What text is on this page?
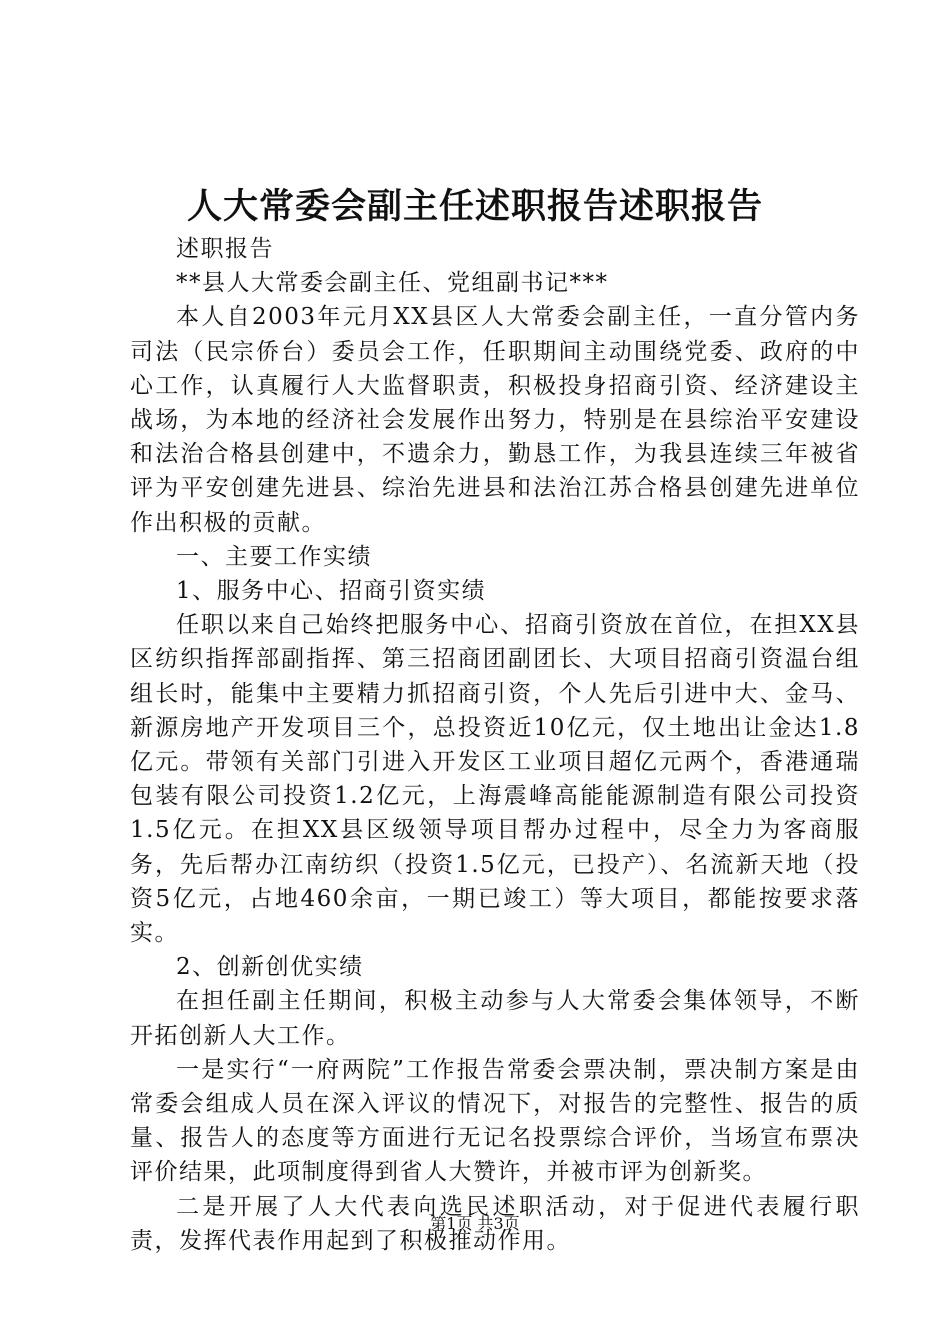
人大常委会副主任述职报告述职报告

述职报告

**县人大常委会副主任、党组副书记***

本人自2003年元月XX县区人大常委会副主任，一直分管内务司法（民宗侨台）委员会工作，任职期间主动围绕党委、政府的中心工作，认真履行人大监督职责，积极投身招商引资、经济建设主战场，为本地的经济社会发展作出努力，特别是在县综治平安建设和法治合格县创建中，不遗余力，勤恳工作，为我县连续三年被省评为平安创建先进县、综治先进县和法治江苏合格县创建先进单位作出积极的贡献。

一、主要工作实绩

1、服务中心、招商引资实绩

任职以来自己始终把服务中心、招商引资放在首位，在担XX县区纺织指挥部副指挥、第三招商团副团长、大项目招商引资温台组组长时，能集中主要精力抓招商引资，个人先后引进中大、金马、新源房地产开发项目三个，总投资近10亿元，仅土地出让金达1.8亿元。带领有关部门引进入开发区工业项目超亿元两个，香港通瑞包装有限公司投资1.2亿元，上海震峰高能能源制造有限公司投资1.5亿元。在担XX县区级领导项目帮办过程中，尽全力为客商服务，先后帮办江南纺织（投资1.5亿元，已投产）、名流新天地（投资5亿元，占地460余亩，一期已竣工）等大项目，都能按要求落实。

2、创新创优实绩

在担任副主任期间，积极主动参与人大常委会集体领导，不断开拓创新人大工作。

一是实行“一府两院”工作报告常委会票决制，票决制方案是由常委会组成人员在深入评议的情况下，对报告的完整性、报告的质量、报告人的态度等方面进行无记名投票综合评价，当场宣布票决评价结果，此项制度得到省人大赞许，并被市评为创新奖。

二是开展了人大代表向选民述职活动，对于促进代表履行职责，发挥代表作用起到了积极推动作用。

第1页 共3页
